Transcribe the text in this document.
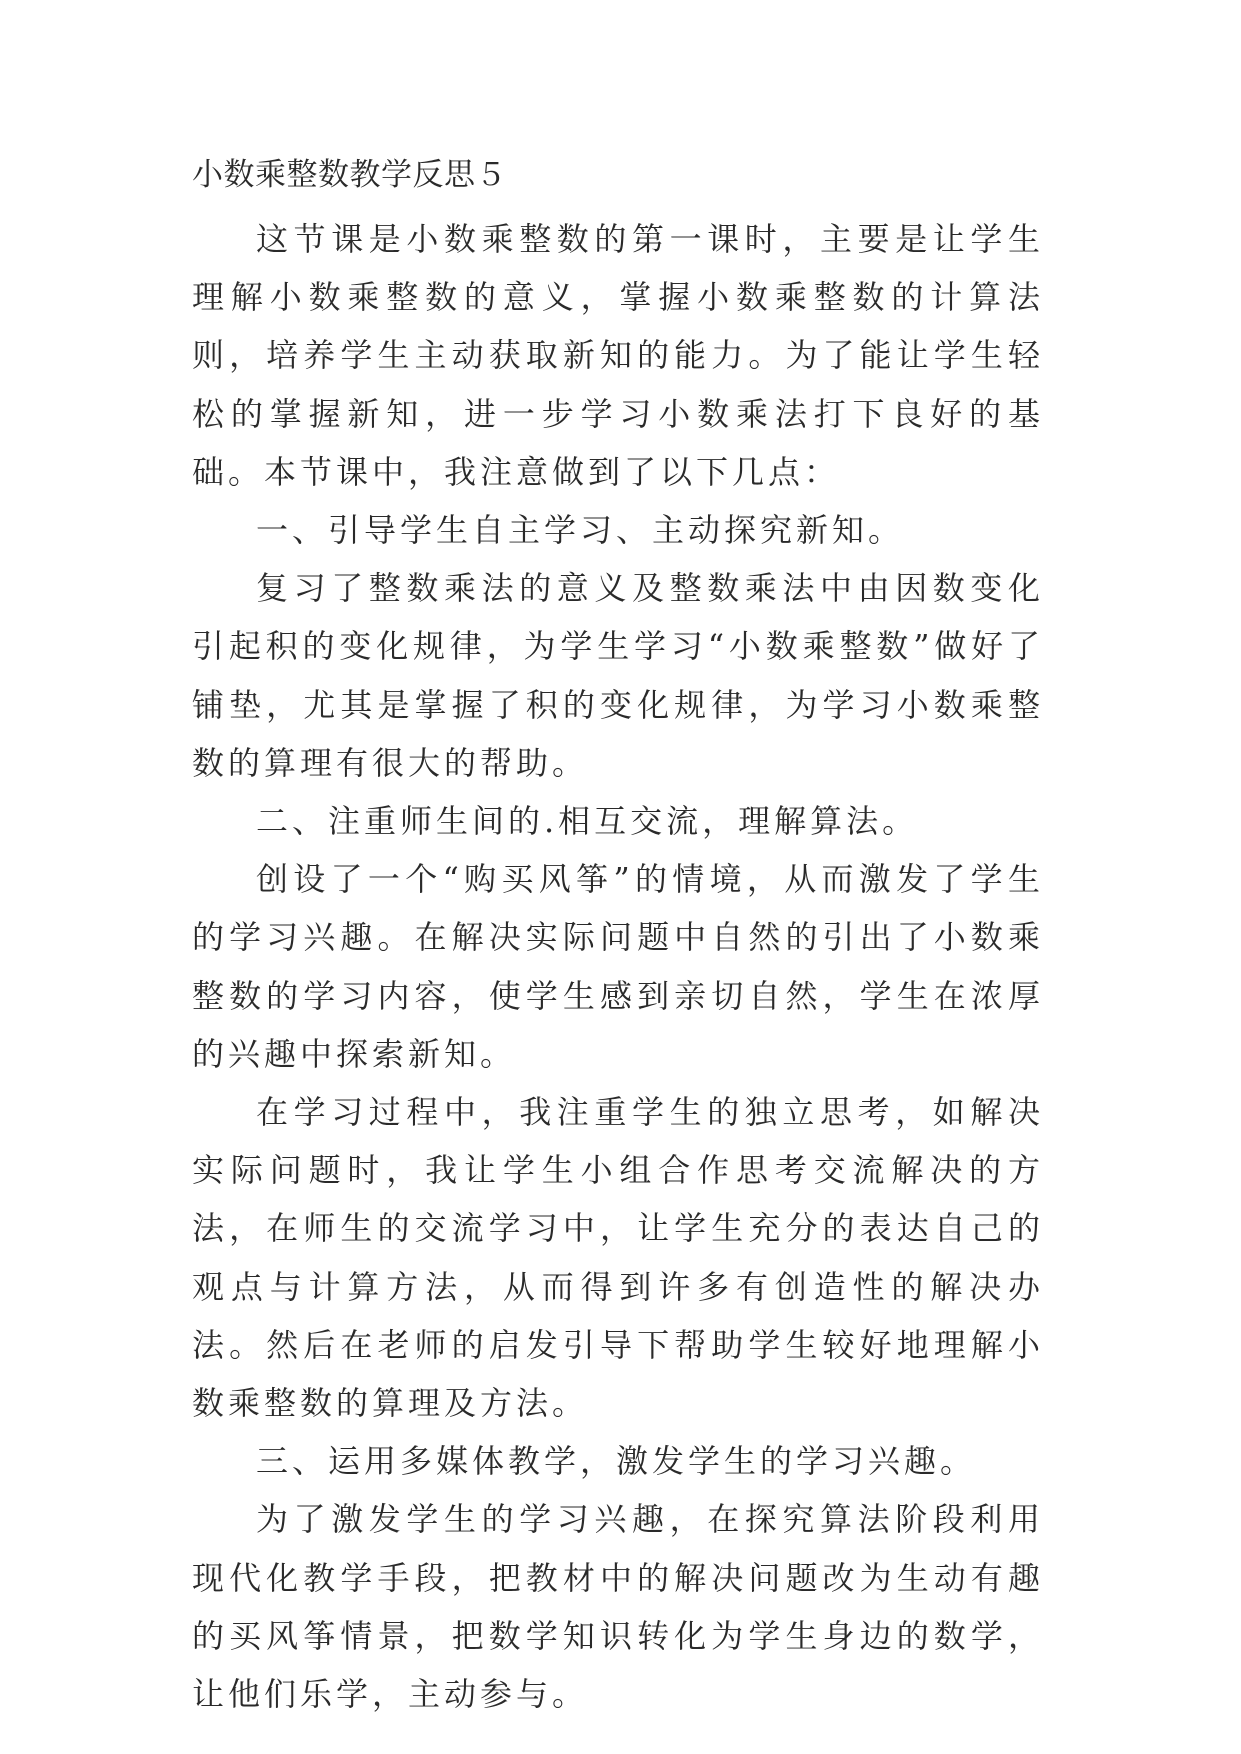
小数乘整数教学反思５

这节课是小数乘整数的第一课时，主要是让学生理解小数乘整数的意义，掌握小数乘整数的计算法则，培养学生主动获取新知的能力。为了能让学生轻松的掌握新知，进一步学习小数乘法打下良好的基础。本节课中，我注意做到了以下几点：

一、引导学生自主学习、主动探究新知。

复习了整数乘法的意义及整数乘法中由因数变化引起积的变化规律，为学生学习“小数乘整数”做好了铺垫，尤其是掌握了积的变化规律，为学习小数乘整数的算理有很大的帮助。

二、注重师生间的.相互交流，理解算法。

创设了一个“购买风筝”的情境，从而激发了学生的学习兴趣。在解决实际问题中自然的引出了小数乘整数的学习内容，使学生感到亲切自然，学生在浓厚的兴趣中探索新知。

在学习过程中，我注重学生的独立思考，如解决实际问题时，我让学生小组合作思考交流解决的方法，在师生的交流学习中，让学生充分的表达自己的观点与计算方法，从而得到许多有创造性的解决办法。然后在老师的启发引导下帮助学生较好地理解小数乘整数的算理及方法。

三、运用多媒体教学，激发学生的学习兴趣。

为了激发学生的学习兴趣，在探究算法阶段利用现代化教学手段，把教材中的解决问题改为生动有趣的买风筝情景，把数学知识转化为学生身边的数学，让他们乐学，主动参与。
